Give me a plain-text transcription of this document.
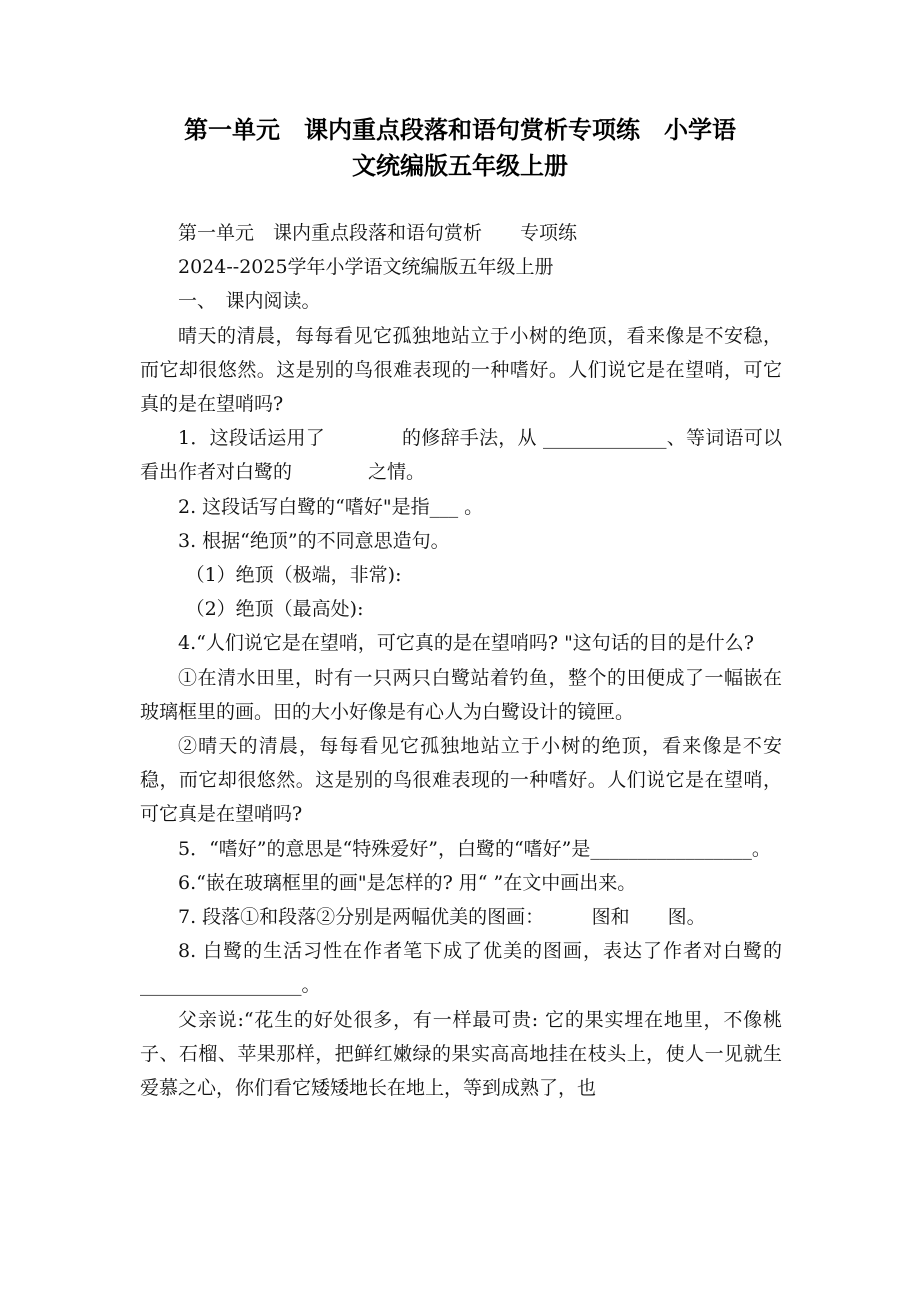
第一单元　课内重点段落和语句赏析专项练　小学语
文统编版五年级上册

第一单元　课内重点段落和语句赏析　　专项练

2024--2025学年小学语文统编版五年级上册

一、　课内阅读。

晴天的清晨，每每看见它孤独地站立于小树的绝顶，看来像是不安稳，而它却很悠然。这是别的鸟很难表现的一种嗜好。人们说它是在望哨，可它真的是在望哨吗?

1．这段话运用了　　　　的修辞手法，从 _____________、等词语可以看出作者对白鹭的　　　　之情。

2. 这段话写白鹭的“嗜好"是指___ 。

3. 根据“绝顶”的不同意思造句。

（1）绝顶（极端，非常):

（2）绝顶（最高处):

4.“人们说它是在望哨，可它真的是在望哨吗? "这句话的目的是什么?

①在清水田里，时有一只两只白鹭站着钓鱼，整个的田便成了一幅嵌在玻璃框里的画。田的大小好像是有心人为白鹭设计的镜匣。

②晴天的清晨，每每看见它孤独地站立于小树的绝顶，看来像是不安稳，而它却很悠然。这是别的鸟很难表现的一种嗜好。人们说它是在望哨，可它真是在望哨吗?

5．“嗜好”的意思是“特殊爱好”，白鹭的“嗜好”是_________________。

6.“嵌在玻璃框里的画"是怎样的? 用“ ”在文中画出来。

7. 段落①和段落②分别是两幅优美的图画：　　　图和　　图。

8. 白鹭的生活习性在作者笔下成了优美的图画，表达了作者对白鹭的　_________________。

父亲说:“花生的好处很多，有一样最可贵: 它的果实埋在地里，不像桃子、石榴、苹果那样，把鲜红嫩绿的果实高高地挂在枝头上，使人一见就生爱慕之心，你们看它矮矮地长在地上，等到成熟了，也
